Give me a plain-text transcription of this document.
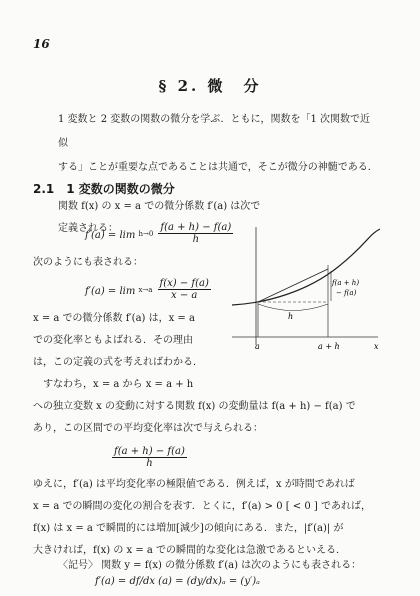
16
§ 2. 微　分
1 変数と 2 変数の関数の微分を学ぶ．ともに，関数を「1 次関数で近似
する」ことが重要な点であることは共通で，そこが微分の神髄である．
2.1　1 変数の関数の微分
関数 f(x) の x = a での微分係数 f′(a) は次で定義される：
f′(a) = lim h→0
$\frac{f(a + h) - f(a)}{h}$
次のようにも表される：
f′(a) = lim x→a
$\frac{f(x) - f(a)}{x - a}$
x = a での微分係数 f′(a) は，x = a
での変化率ともよばれる．その理由
は，この定義の式を考えればわかる．
　すなわち，x = a から x = a + h
h
f(a + h)
− f(a)
a	a + h	x
への独立変数 x の変動に対する関数 f(x) の変動量は f(a + h) − f(a) で
あり，この区間での平均変化率は次で与えられる：
$\frac{f(a + h) - f(a)}{h}$
ゆえに，f′(a) は平均変化率の極限値である．例えば，x が時間であれば
x = a での瞬間の変化の割合を表す．とくに，f′(a) > 0 [ < 0 ] であれば，
f(x) は x = a で瞬間的には増加[減少]の傾向にある．また，|f′(a)| が
大きければ，f(x) の x = a での瞬間的な変化は急激であるといえる．
〈記号〉 関数 y = f(x) の微分係数 f′(a) は次のようにも表される：
f′(a) = df/dx (a) = (dy/dx)ₐ = (y′)ₐ
